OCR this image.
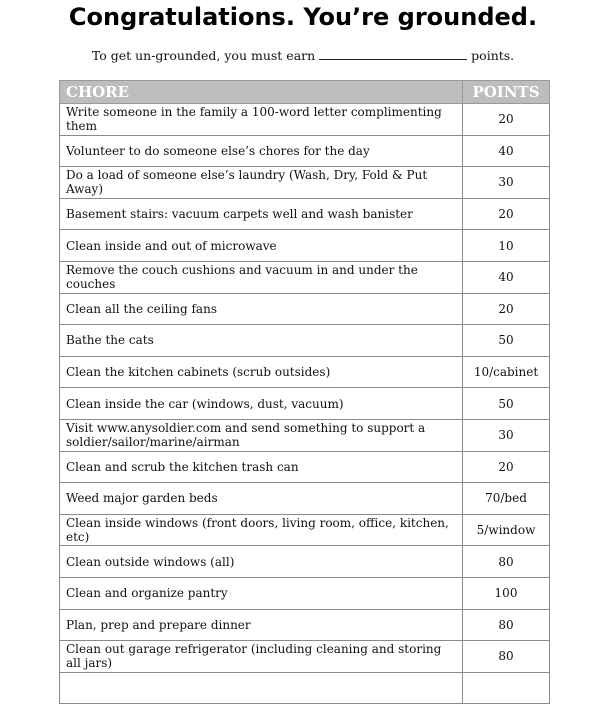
Congratulations. You’re grounded.
To get un-grounded, you must earn	points.
CHORE	POINTS
Write someone in the family a 100-word letter complimenting them	20
Volunteer to do someone else’s chores for the day	40
Do a load of someone else’s laundry (Wash, Dry, Fold & Put Away)	30
Basement stairs: vacuum carpets well and wash banister	20
Clean inside and out of microwave	10
Remove the couch cushions and vacuum in and under the couches	40
Clean all the ceiling fans	20
Bathe the cats	50
Clean the kitchen cabinets (scrub outsides)	10/cabinet
Clean inside the car (windows, dust, vacuum)	50
Visit www.anysoldier.com and send something to support a soldier/sailor/marine/airman	30
Clean and scrub the kitchen trash can	20
Weed major garden beds	70/bed
Clean inside windows (front doors, living room, office, kitchen, etc)	5/window
Clean outside windows (all)	80
Clean and organize pantry	100
Plan, prep and prepare dinner	80
Clean out garage refrigerator (including cleaning and storing all jars)	80
